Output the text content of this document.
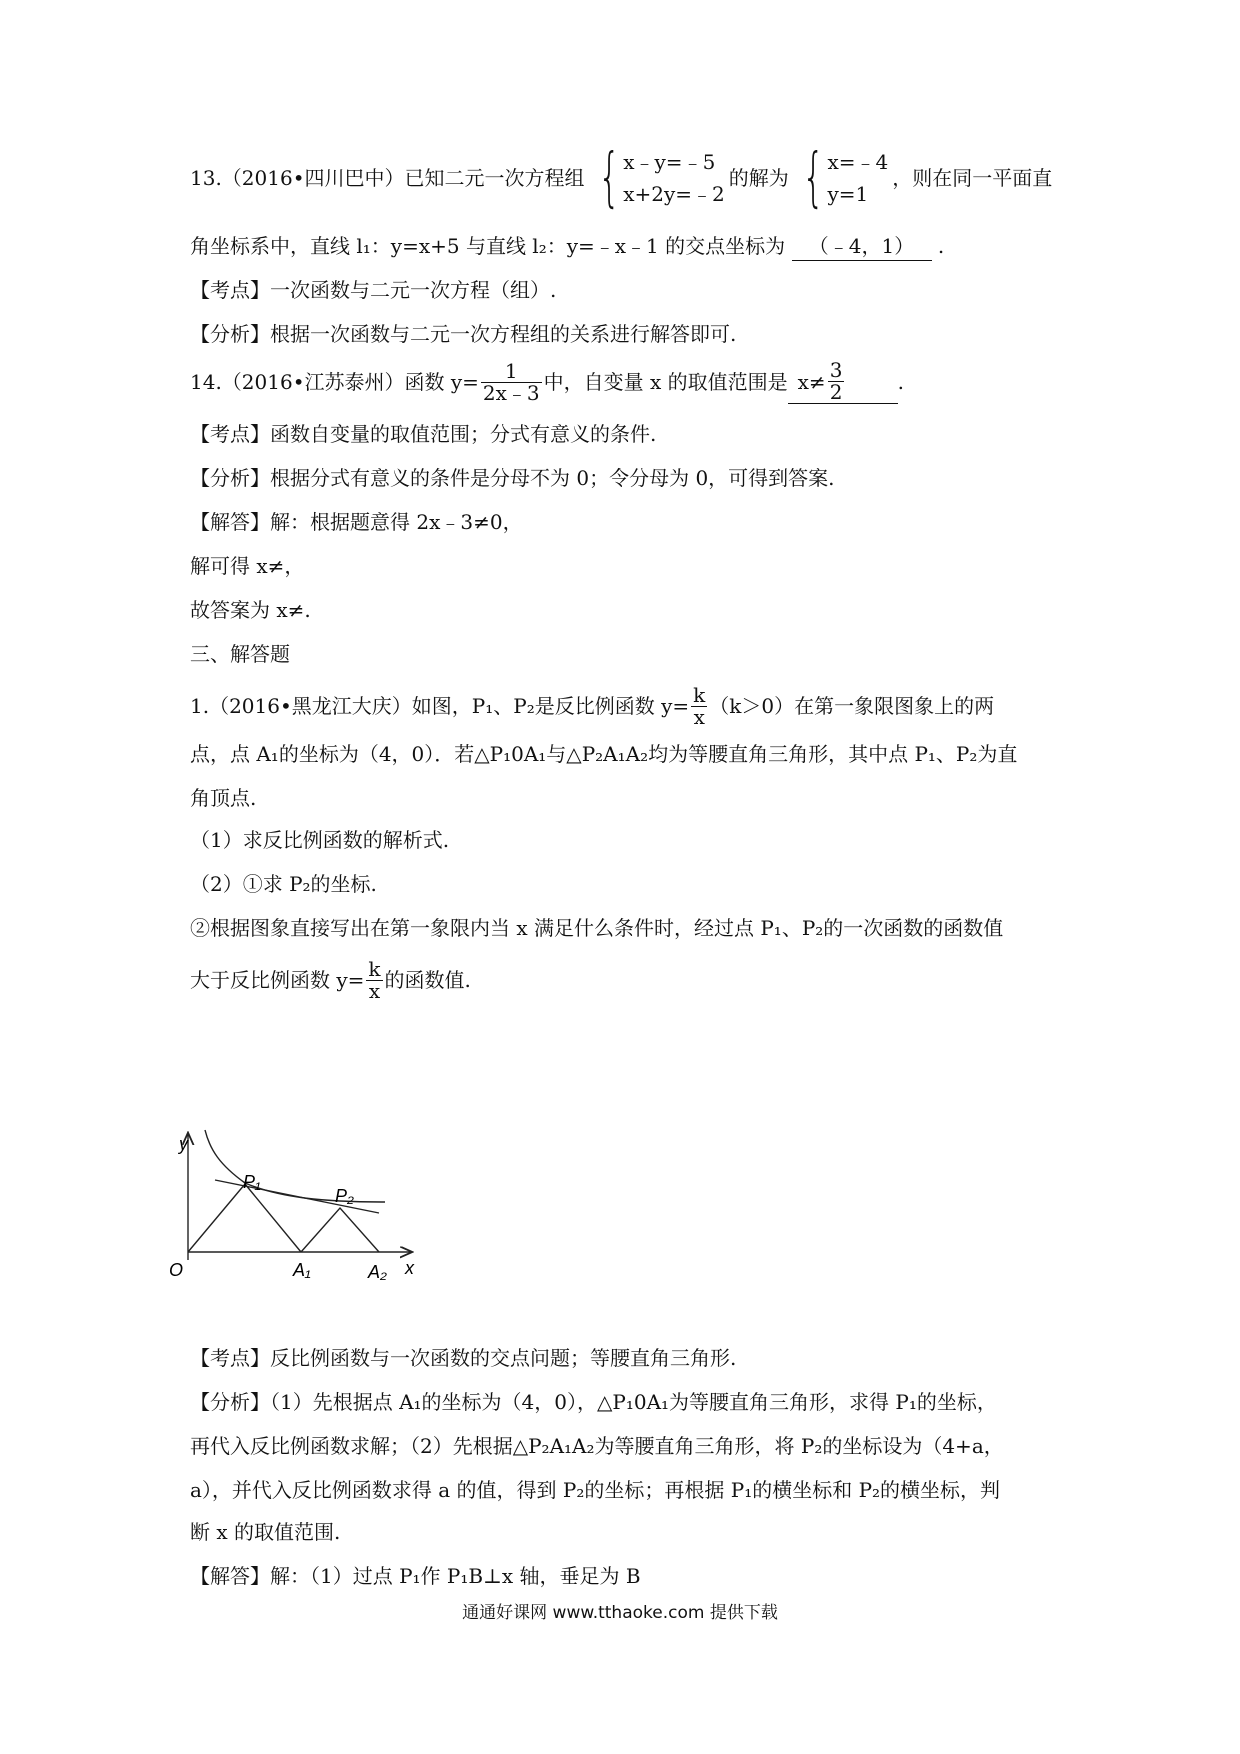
13.（2016•四川巴中）已知二元一次方程组 { x﹣y=﹣5
x+2y=﹣2
的解为 { x=﹣4
y=1
，则在同一平面直
角坐标系中，直线 l₁：y=x+5 与直线 l₂：y=﹣x﹣1 的交点坐标为 （﹣4，1） .
【考点】一次函数与二元一次方程（组）.
【分析】根据一次函数与二元一次方程组的关系进行解答即可.
14.（2016•江苏泰州）函数 $y= \frac{1}{2x﹣3}$ 中，自变量 x 的取值范围是 $x\ne \frac{3}{2}$	.
【考点】函数自变量的取值范围；分式有意义的条件.
【分析】根据分式有意义的条件是分母不为 0；令分母为 0，可得到答案.
【解答】解：根据题意得 2x﹣3≠0，
解可得 x≠，
故答案为 x≠.
三、解答题
1.（2016•黑龙江大庆）如图，P₁、P₂是反比例函数 $y= \frac{k}{x} (k>0)$在第一象限图象上的两
点，点 A₁的坐标为（4，0）．若△P₁0A₁与△P₂A₁A₂均为等腰直角三角形，其中点 P₁、P₂为直
角顶点.
（1）求反比例函数的解析式.
（2）①求 P₂的坐标.
②根据图象直接写出在第一象限内当 x 满足什么条件时，经过点 P₁、P₂的一次函数的函数值
大于反比例函数 $y= \frac{k}{x}$ 的函数值.
y
O	x
P₁
P₂
A₁	A₂
【考点】反比例函数与一次函数的交点问题；等腰直角三角形.
【分析】（1）先根据点 A₁的坐标为（4，0），△P₁0A₁为等腰直角三角形，求得 P₁的坐标，
再代入反比例函数求解；（2）先根据△P₂A₁A₂为等腰直角三角形，将 P₂的坐标设为（4+a，
a），并代入反比例函数求得 a 的值，得到 P₂的坐标；再根据 P₁的横坐标和 P₂的横坐标，判
断 x 的取值范围.
【解答】解：（1）过点 P₁作 P₁B⊥x 轴，垂足为 B
通通好课网 www.tthaoke.com 提供下载
